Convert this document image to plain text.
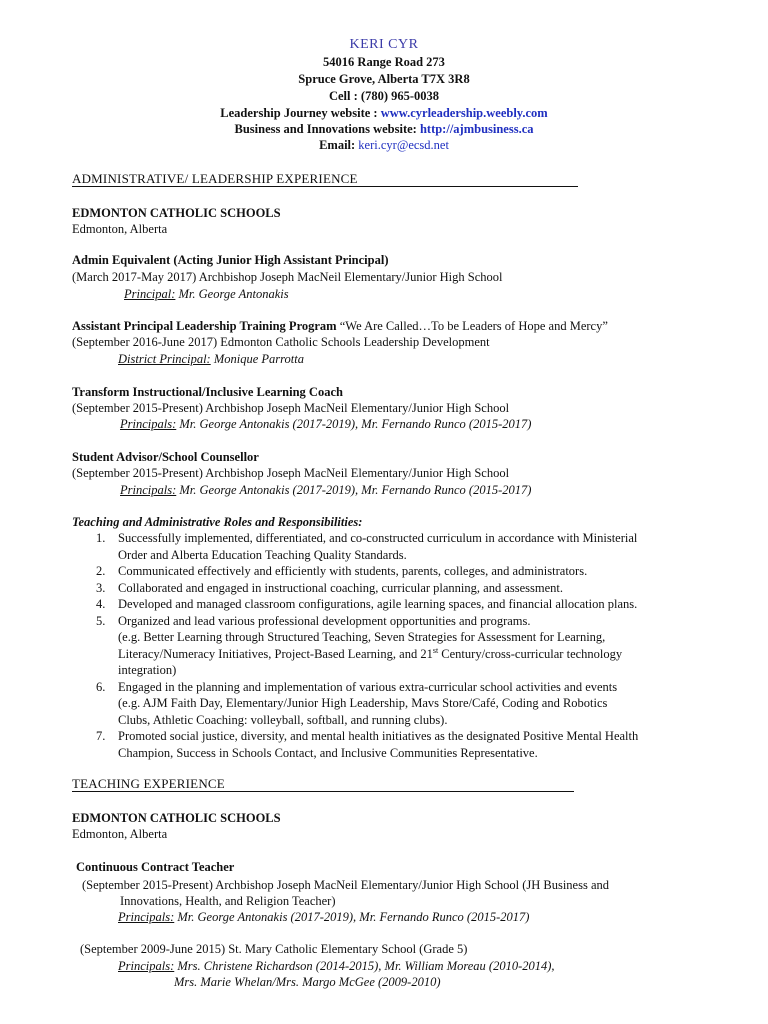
KERI CYR
54016 Range Road 273
Spruce Grove, Alberta T7X 3R8
Cell : (780) 965-0038
Leadership Journey website : www.cyrleadership.weebly.com
Business and Innovations website: http://ajmbusiness.ca
Email: keri.cyr@ecsd.net
ADMINISTRATIVE/ LEADERSHIP EXPERIENCE
EDMONTON CATHOLIC SCHOOLS
Edmonton, Alberta
Admin Equivalent (Acting Junior High Assistant Principal)
(March 2017-May 2017) Archbishop Joseph MacNeil Elementary/Junior High School
Principal: Mr. George Antonakis
Assistant Principal Leadership Training Program “We Are Called…To be Leaders of Hope and Mercy”
(September 2016-June 2017) Edmonton Catholic Schools Leadership Development
District Principal: Monique Parrotta
Transform Instructional/Inclusive Learning Coach
(September 2015-Present) Archbishop Joseph MacNeil Elementary/Junior High School
Principals: Mr. George Antonakis (2017-2019), Mr. Fernando Runco (2015-2017)
Student Advisor/School Counsellor
(September 2015-Present) Archbishop Joseph MacNeil Elementary/Junior High School
Principals: Mr. George Antonakis (2017-2019), Mr. Fernando Runco (2015-2017)
Teaching and Administrative Roles and Responsibilities:
1. Successfully implemented, differentiated, and co-constructed curriculum in accordance with Ministerial
Order and Alberta Education Teaching Quality Standards.
2. Communicated effectively and efficiently with students, parents, colleges, and administrators.
3. Collaborated and engaged in instructional coaching, curricular planning, and assessment.
4. Developed and managed classroom configurations, agile learning spaces, and financial allocation plans.
5. Organized and lead various professional development opportunities and programs.
(e.g. Better Learning through Structured Teaching, Seven Strategies for Assessment for Learning,
Literacy/Numeracy Initiatives, Project-Based Learning, and 21st Century/cross-curricular technology
integration)
6. Engaged in the planning and implementation of various extra-curricular school activities and events
(e.g. AJM Faith Day, Elementary/Junior High Leadership, Mavs Store/Café, Coding and Robotics
Clubs, Athletic Coaching: volleyball, softball, and running clubs).
7. Promoted social justice, diversity, and mental health initiatives as the designated Positive Mental Health
Champion, Success in Schools Contact, and Inclusive Communities Representative.
TEACHING EXPERIENCE
EDMONTON CATHOLIC SCHOOLS
Edmonton, Alberta
Continuous Contract Teacher
(September 2015-Present) Archbishop Joseph MacNeil Elementary/Junior High School (JH Business and
Innovations, Health, and Religion Teacher)
Principals: Mr. George Antonakis (2017-2019), Mr. Fernando Runco (2015-2017)
(September 2009-June 2015) St. Mary Catholic Elementary School (Grade 5)
Principals: Mrs. Christene Richardson (2014-2015), Mr. William Moreau (2010-2014),
Mrs. Marie Whelan/Mrs. Margo McGee (2009-2010)
